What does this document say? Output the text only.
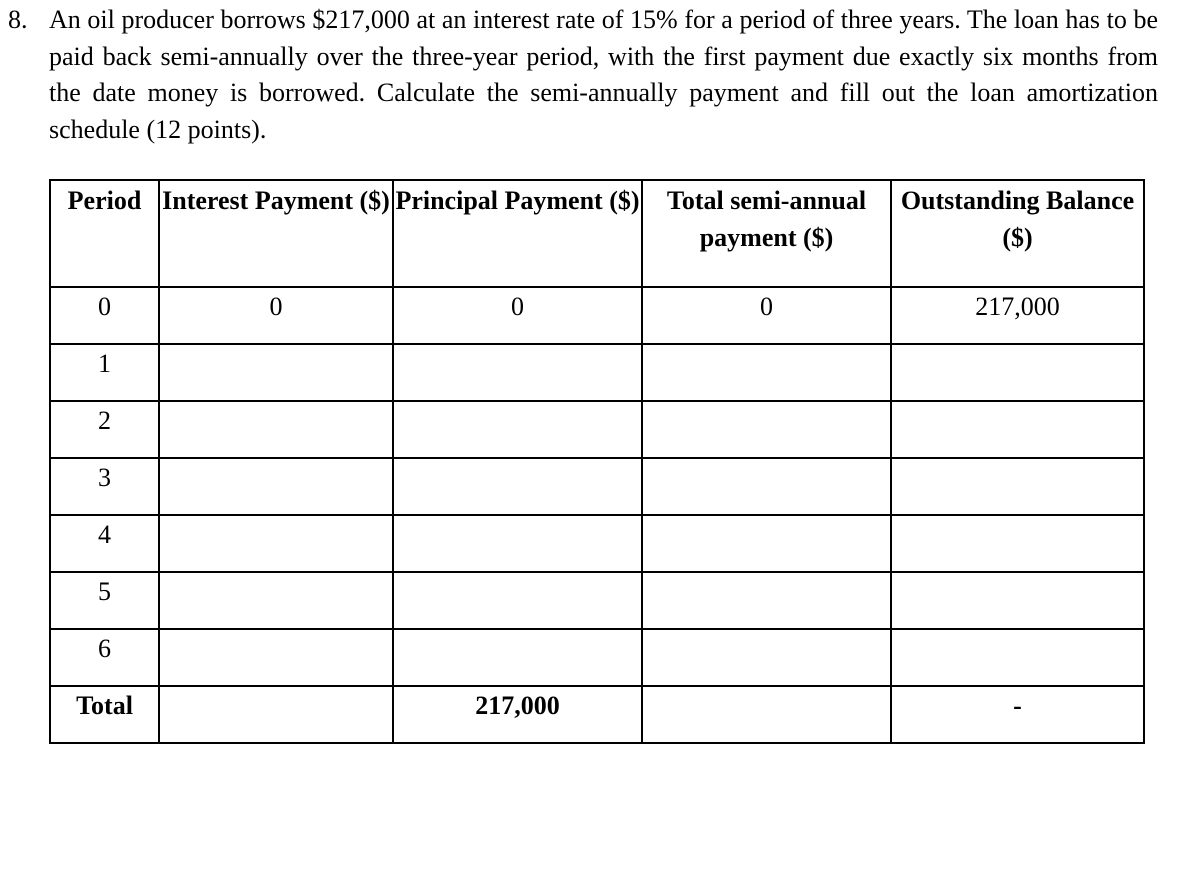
8. An oil producer borrows $217,000 at an interest rate of 15% for a period of three years. The loan has to be paid back semi-annually over the three-year period, with the first payment due exactly six months from the date money is borrowed. Calculate the semi-annually payment and fill out the loan amortization schedule (12 points).
Period	Interest Payment ($)	Principal Payment ($)	Total semi-annual payment ($)	Outstanding Balance ($)
0	0	0	0	217,000
1				
2				
3				
4				
5				
6				
Total		217,000		-
